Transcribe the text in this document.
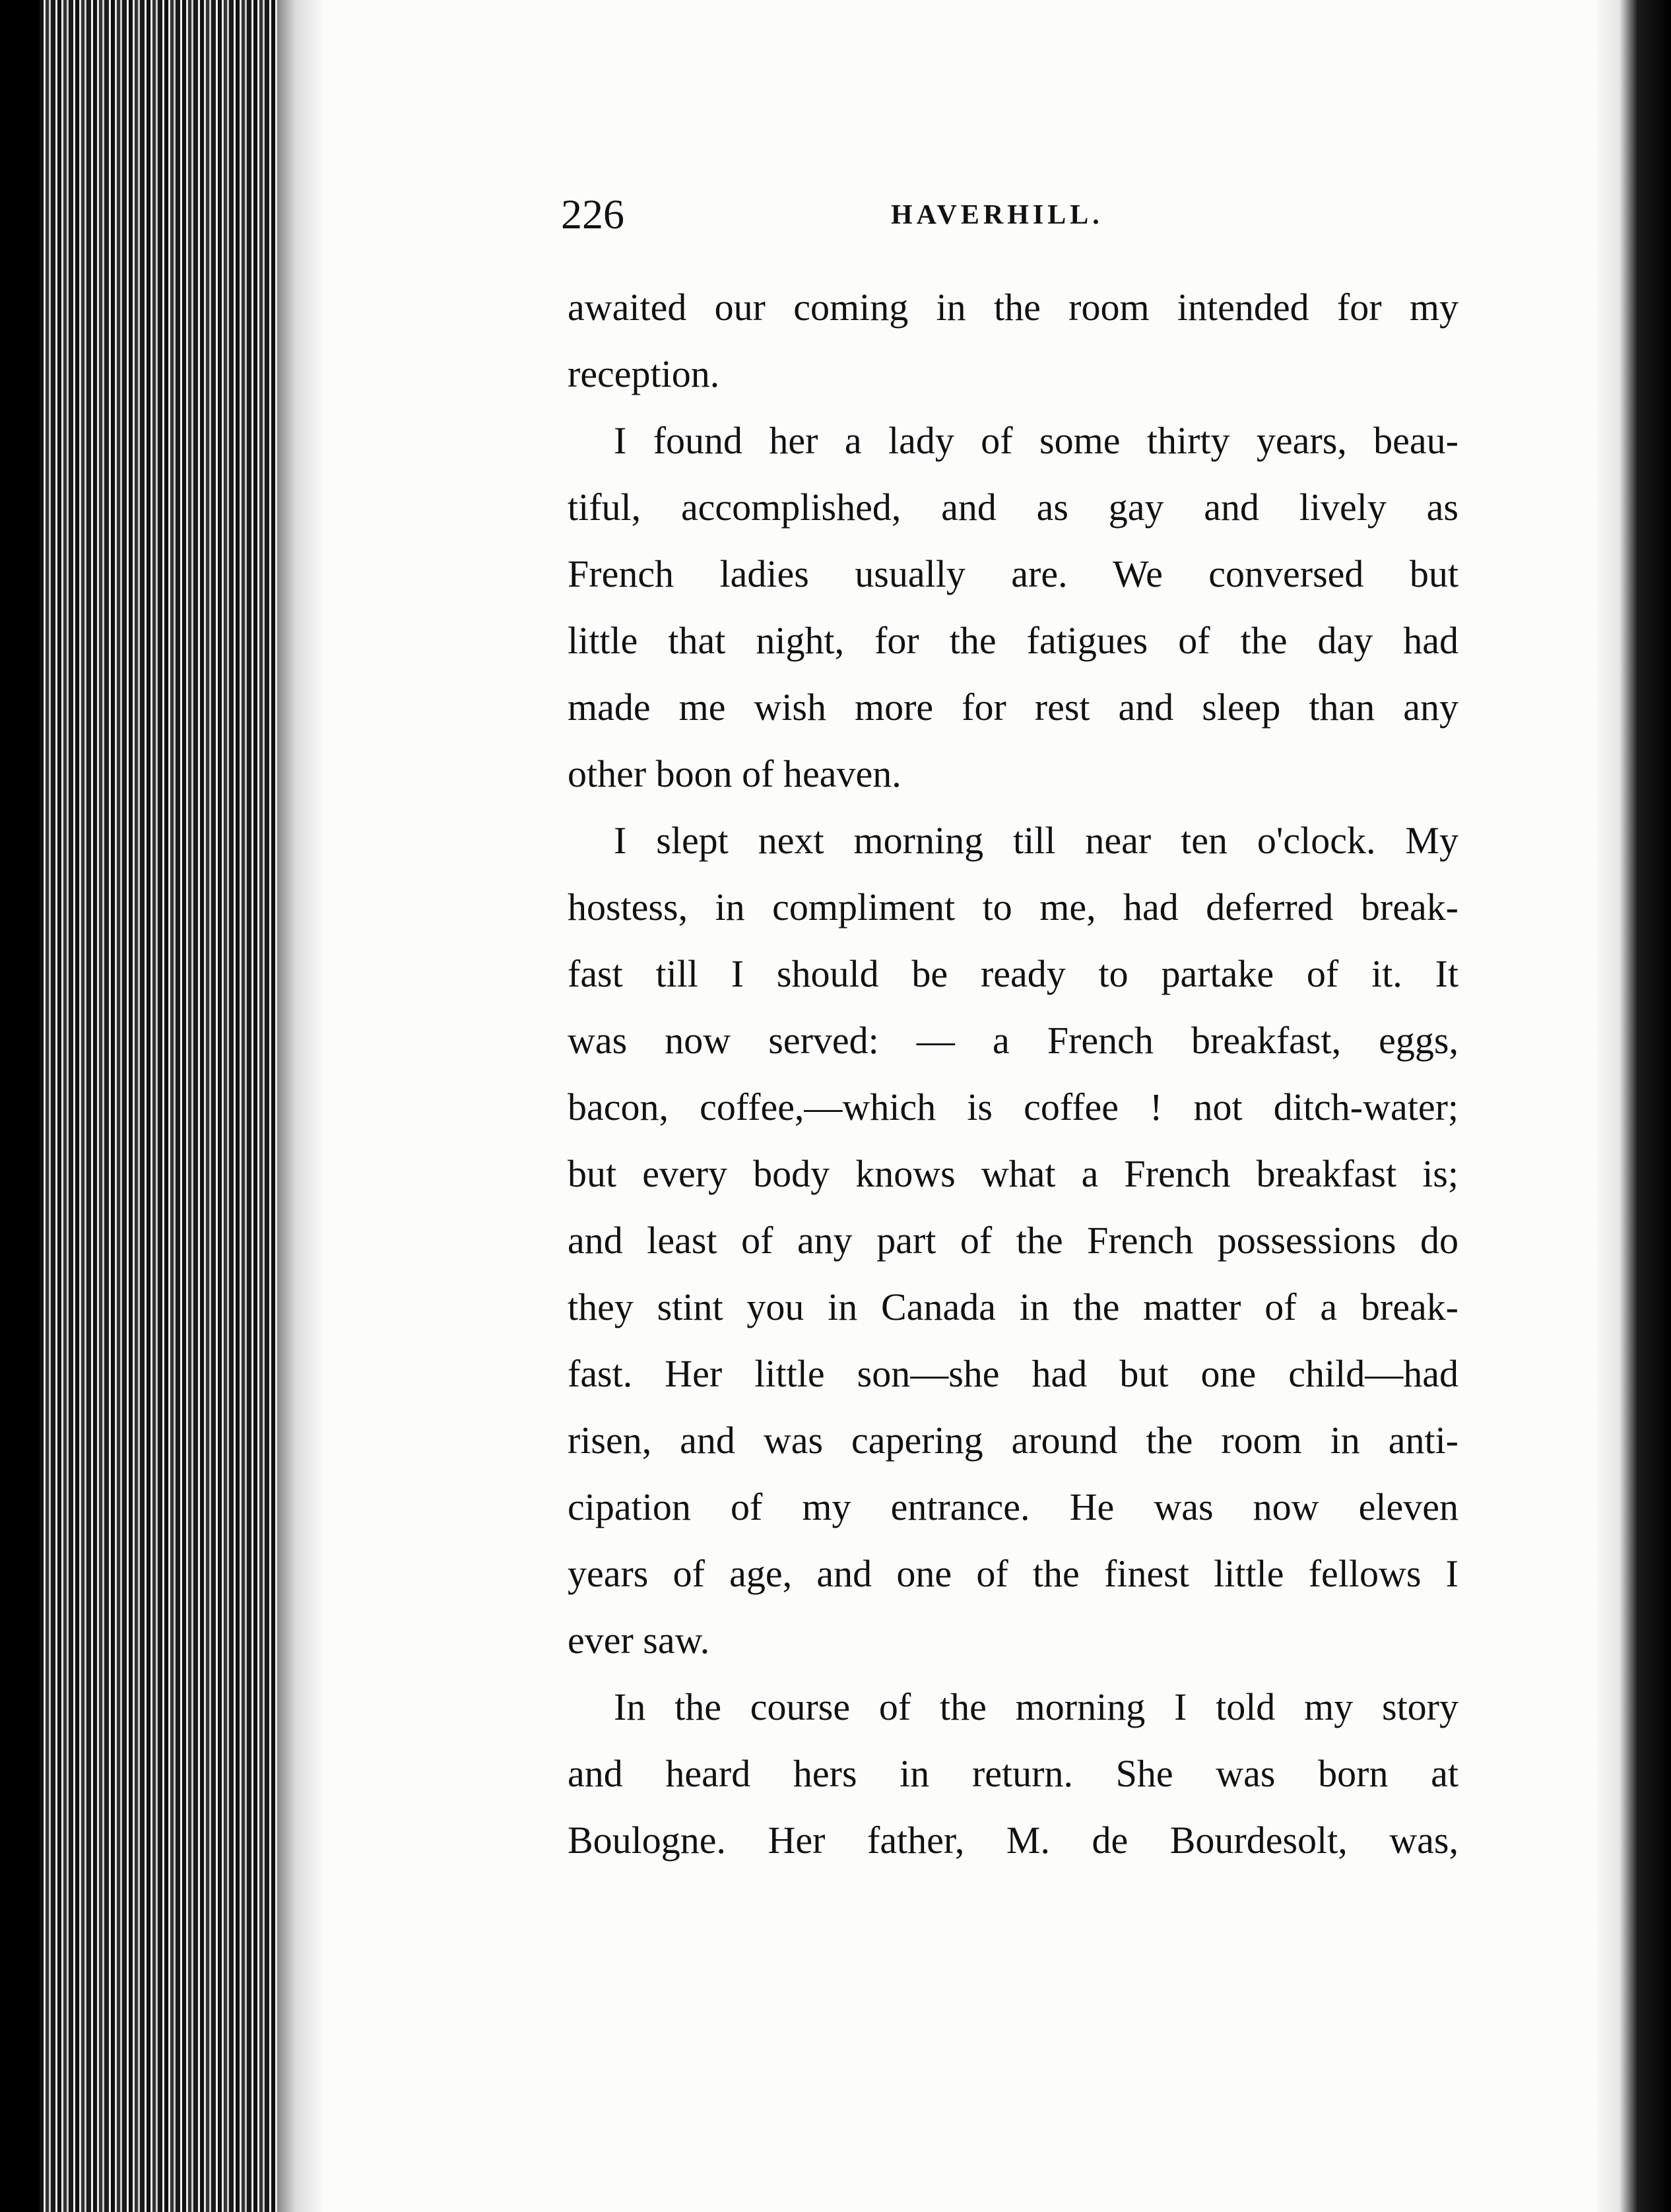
226	HAVERHILL.
awaited our coming in the room intended for my
reception.
I found her a lady of some thirty years, beau-
tiful, accomplished, and as gay and lively as
French ladies usually are. We conversed but
little that night, for the fatigues of the day had
made me wish more for rest and sleep than any
other boon of heaven.
I slept next morning till near ten o'clock. My
hostess, in compliment to me, had deferred break-
fast till I should be ready to partake of it. It
was now served: — a French breakfast, eggs,
bacon, coffee,—which is coffee ! not ditch-water;
but every body knows what a French breakfast is;
and least of any part of the French possessions do
they stint you in Canada in the matter of a break-
fast. Her little son—she had but one child—had
risen, and was capering around the room in anti-
cipation of my entrance. He was now eleven
years of age, and one of the finest little fellows I
ever saw.
In the course of the morning I told my story
and heard hers in return. She was born at
Boulogne. Her father, M. de Bourdesolt, was,
